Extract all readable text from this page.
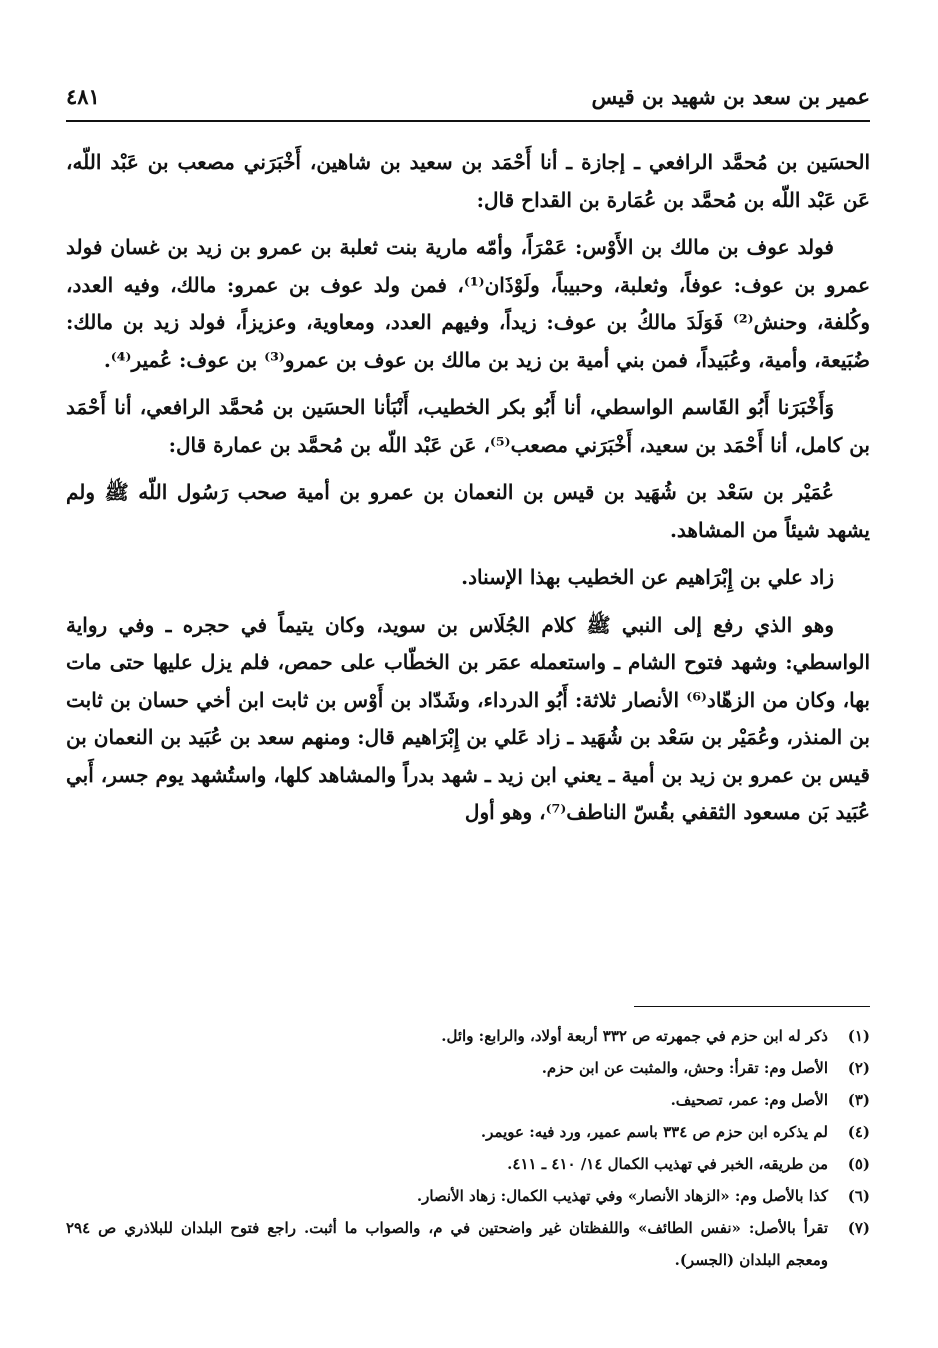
عمير بن سعد بن شهيد بن قيس
٤٨١

الحسَين بن مُحمَّد الرافعي ـ إجازة ـ أنا أَحْمَد بن سعيد بن شاهين، أَخْبَرَني مصعب بن عَبْد اللّه، عَن عَبْد اللّه بن مُحمَّد بن عُمَارة بن القداح قال:

فولد عوف بن مالك بن الأَوْس: عَمْرَاً، وأمّه مارية بنت ثعلبة بن عمرو بن زيد بن غسان فولد عمرو بن عوف: عوفاً، وثعلبة، وحبيباً، ولَوْذَان⁽¹⁾، فمن ولد عوف بن عمرو: مالك، وفيه العدد، وكُلفة، وحنش⁽²⁾ فَوَلَدَ مالكُ بن عوف: زيداً، وفيهم العدد، ومعاوية، وعزيزاً، فولد زيد بن مالك: ضُبَيعة، وأمية، وعُبَيداً، فمن بني أمية بن زيد بن مالك بن عوف بن عمرو⁽³⁾ بن عوف: عُمير⁽⁴⁾.

وَأَخْبَرَنا أَبُو القَاسم الواسطي، أنا أَبُو بكر الخطيب، أَنْبَأنا الحسَين بن مُحمَّد الرافعي، أنا أَحْمَد بن كامل، أنا أَحْمَد بن سعيد، أَخْبَرَني مصعب⁽⁵⁾، عَن عَبْد اللّه بن مُحمَّد بن عمارة قال:

عُمَيْر بن سَعْد بن شُهَيد بن قيس بن النعمان بن عمرو بن أمية صحب رَسُول اللّه ﷺ ولم يشهد شيئاً من المشاهد.

زاد علي بن إِبْرَاهيم عن الخطيب بهذا الإسناد.

وهو الذي رفع إلى النبي ﷺ كلام الجُلَاس بن سويد، وكان يتيماً في حجره ـ وفي رواية الواسطي: وشهد فتوح الشام ـ واستعمله عمَر بن الخطّاب على حمص، فلم يزل عليها حتى مات بها، وكان من الزهّاد⁽⁶⁾ الأنصار ثلاثة: أَبُو الدرداء، وشَدّاد بن أَوْس بن ثابت ابن أخي حسان بن ثابت بن المنذر، وعُمَيْر بن سَعْد بن شُهَيد ـ زاد عَلي بن إِبْرَاهيم قال: ومنهم سعد بن عُبَيد بن النعمان بن قيس بن عمرو بن زيد بن أمية ـ يعني ابن زيد ـ شهد بدراً والمشاهد كلها، واستُشهد يوم جسر، أَبي عُبَيد بَن مسعود الثقفي بقُسّ الناطف⁽⁷⁾، وهو أول

(١)
ذكر له ابن حزم في جمهرته ص ٣٣٢ أربعة أولاد، والرابع: وائل.
(٢)
الأصل وم: تقرأ: وحش، والمثبت عن ابن حزم.
(٣)
الأصل وم: عمر، تصحيف.
(٤)
لم يذكره ابن حزم ص ٣٣٤ باسم عمير، ورد فيه: عويمر.
(٥)
من طريقه، الخبر في تهذيب الكمال ١٤/ ٤١٠ ـ ٤١١.
(٦)
كذا بالأصل وم: «الزهاد الأنصار» وفي تهذيب الكمال: زهاد الأنصار.
(٧)
تقرأ بالأصل: «نفس الطائف» واللفظتان غير واضحتين في م، والصواب ما أثبت. راجع فتوح البلدان للبلاذري ص ٢٩٤ ومعجم البلدان (الجسر).
